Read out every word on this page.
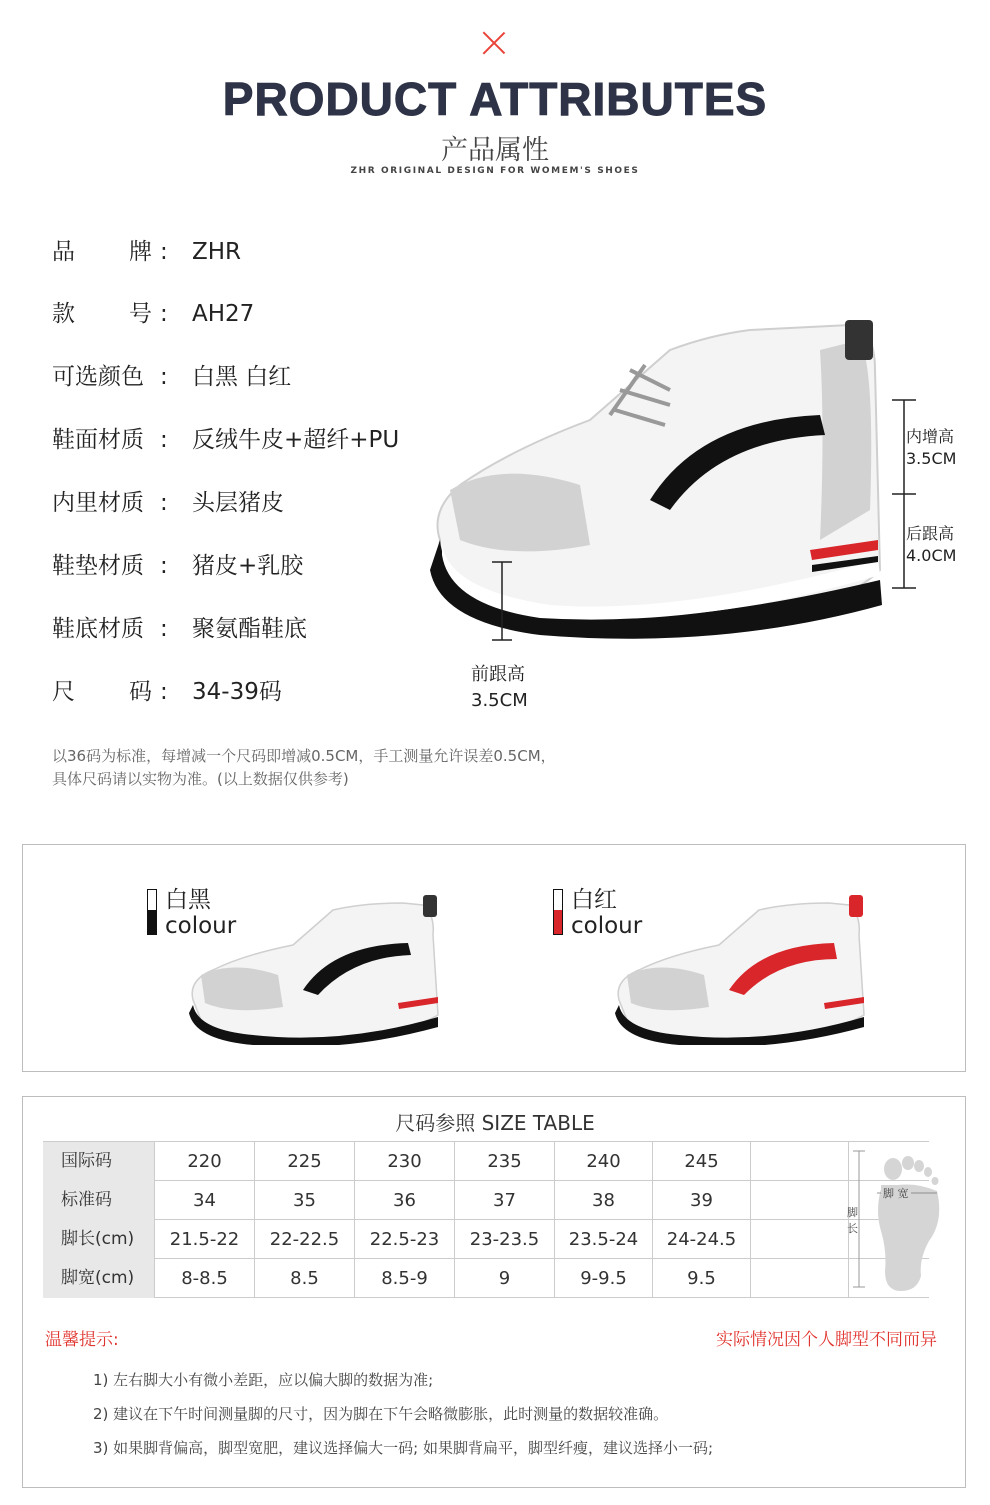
PRODUCT ATTRIBUTES
产品属性
ZHR ORIGINAL DESIGN FOR WOMEM'S SHOES
品 牌 : ZHR
款 号 : AH27
可选颜色 : 白黑 白红
鞋面材质 : 反绒牛皮+超纤+PU
内里材质 : 头层猪皮
鞋垫材质 : 猪皮+乳胶
鞋底材质 : 聚氨酯鞋底
尺 码 : 34-39码
内增高
3.5CM
后跟高
4.0CM
前跟高
3.5CM
以36码为标准，每增减一个尺码即增减0.5CM，手工测量允许误差0.5CM，
具体尺码请以实物为准。(以上数据仅供参考)
白黑
colour
白红
colour
尺码参照 SIZE TABLE
国际码	220	225	230	235	240	245
标准码	34	35	36	37	38	39
脚长(cm)	21.5-22	22-22.5	22.5-23	23-23.5	23.5-24	24-24.5
脚宽(cm)	8-8.5	8.5	8.5-9	9	9-9.5	9.5
脚 宽
脚长
温馨提示:	实际情况因个人脚型不同而异
1) 左右脚大小有微小差距，应以偏大脚的数据为准;
2) 建议在下午时间测量脚的尺寸，因为脚在下午会略微膨胀，此时测量的数据较准确。
3) 如果脚背偏高，脚型宽肥，建议选择偏大一码; 如果脚背扁平，脚型纤瘦，建议选择小一码;
